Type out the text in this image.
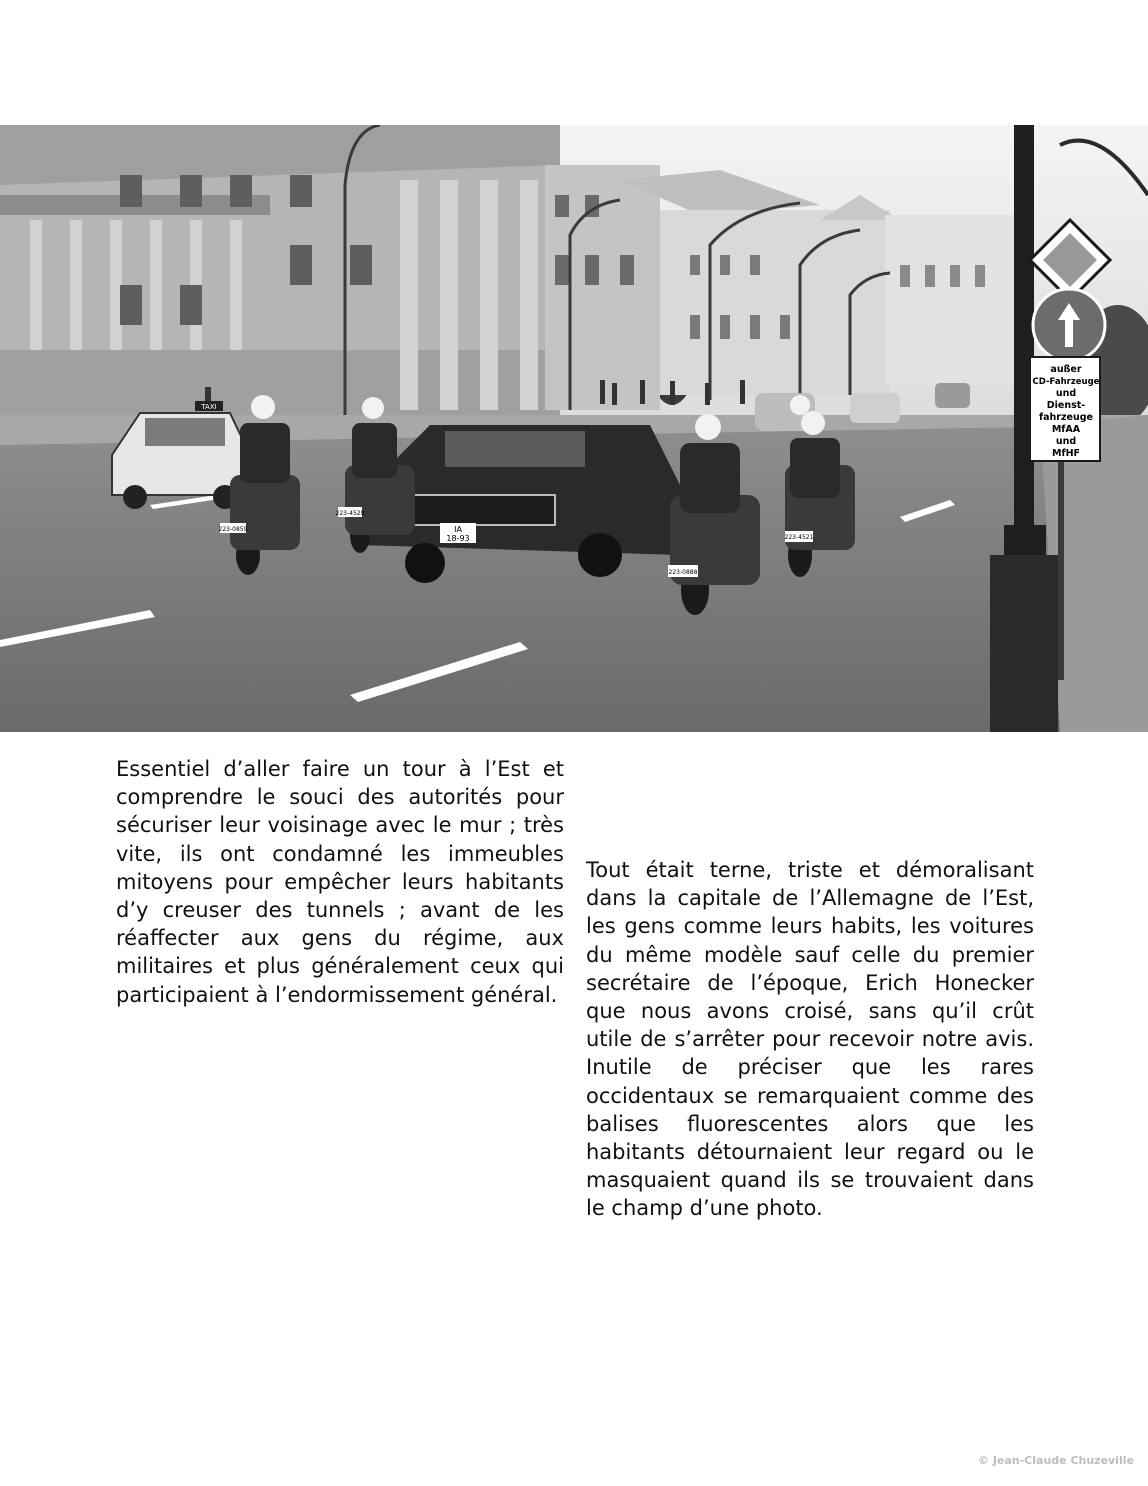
TAXI
IA
18-93
223-0859
223-4529
223-0888
223-4521
außer
CD-Fahrzeuge
und
Dienst-
fahrzeuge
MfAA
und
MfHF

Essentiel d’aller faire un tour à l’Est et comprendre le souci des autorités pour sécuriser leur voisinage avec le mur ; très vite, ils ont condamné les immeubles mitoyens pour empêcher leurs habitants d’y creuser des tunnels ; avant de les réaffecter aux gens du régime, aux militaires et plus généralement ceux qui participaient à l’endormissement général.

Tout était terne, triste et démoralisant dans la capitale de l’Allemagne de l’Est, les gens comme leurs habits, les voitures du même modèle sauf celle du premier secrétaire de l’époque, Erich Honecker que nous avons croisé, sans qu’il crût utile de s’arrêter pour recevoir notre avis. Inutile de préciser que les rares occidentaux se remarquaient comme des balises fluorescentes alors que les habitants détournaient leur regard ou le masquaient quand ils se trouvaient dans le champ d’une photo.

© Jean-Claude Chuzeville
